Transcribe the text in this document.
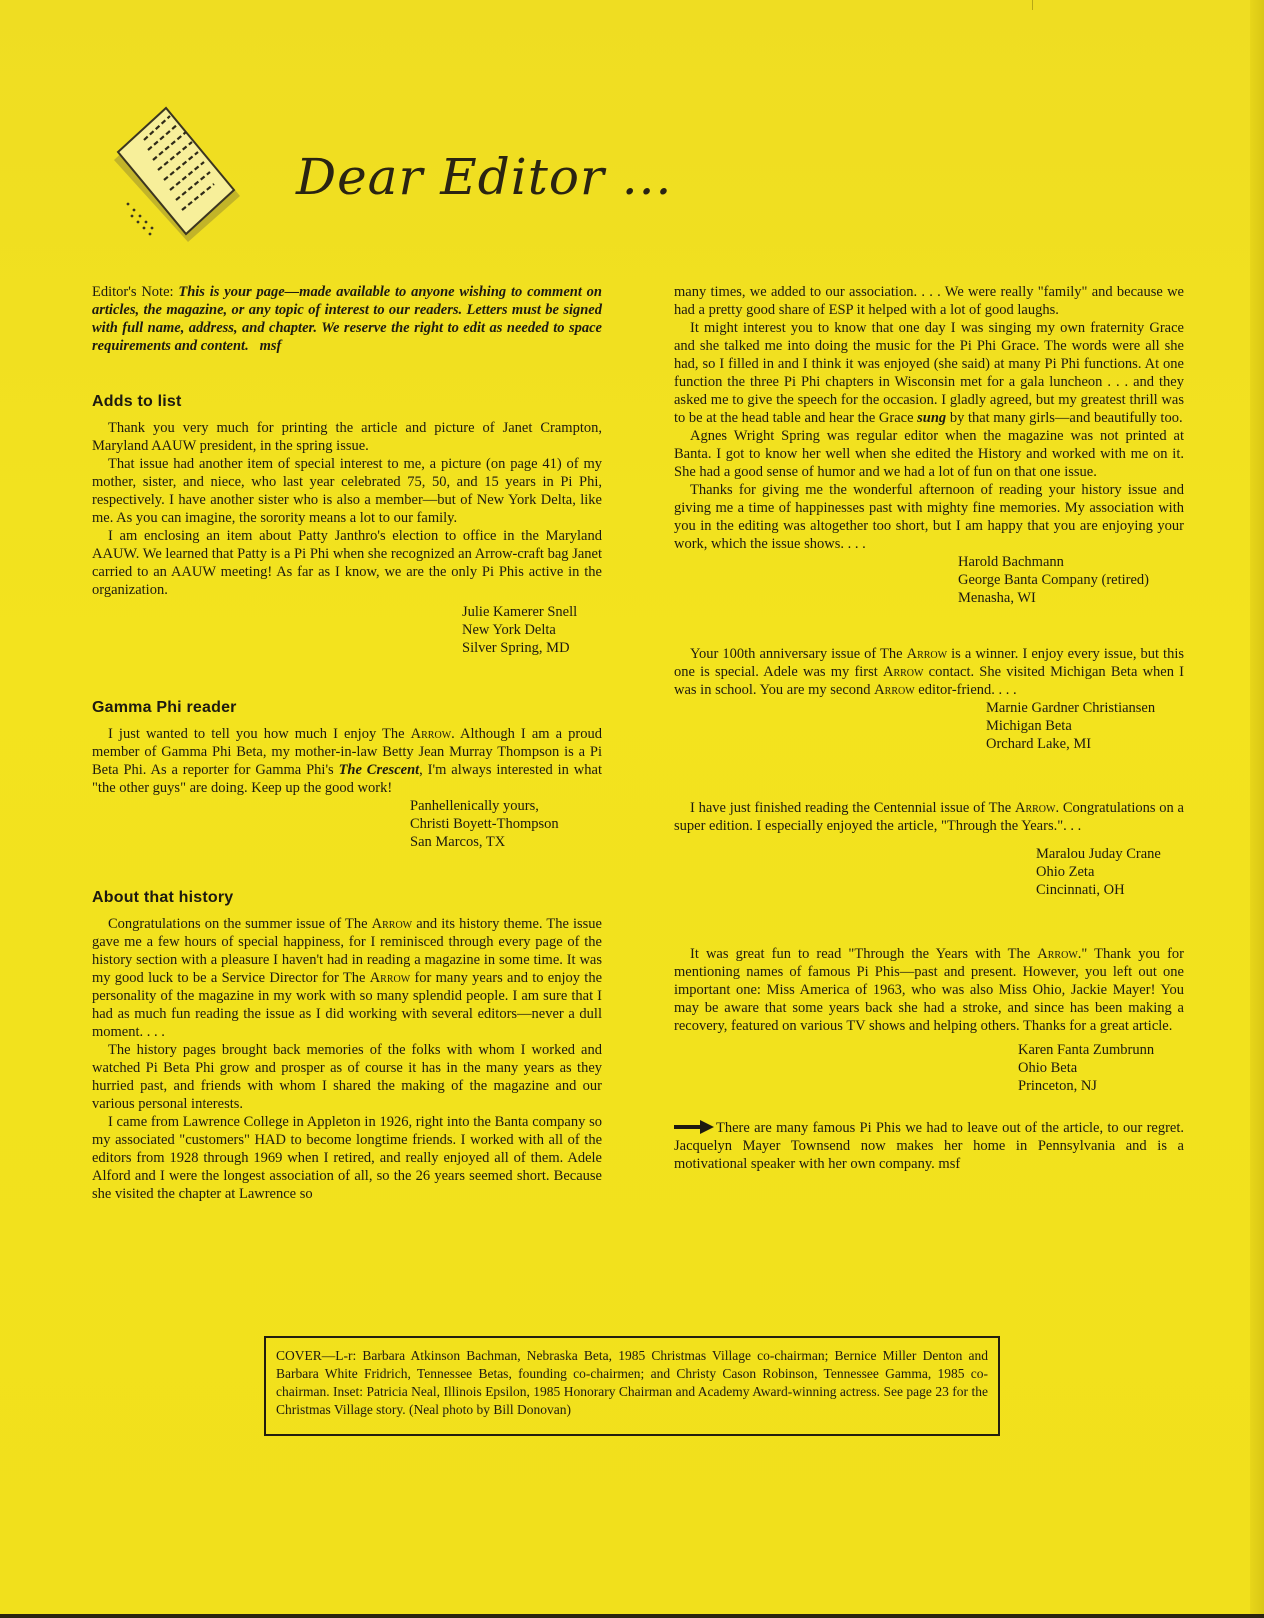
Dear Editor ...

Editor's Note: This is your page—made available to anyone wishing to comment on articles, the magazine, or any topic of interest to our readers. Letters must be signed with full name, address, and chapter. We reserve the right to edit as needed to space requirements and content. msf

Adds to list

Thank you very much for printing the article and picture of Janet Crampton, Maryland AAUW president, in the spring issue.

That issue had another item of special interest to me, a picture (on page 41) of my mother, sister, and niece, who last year celebrated 75, 50, and 15 years in Pi Phi, respectively. I have another sister who is also a member—but of New York Delta, like me. As you can imagine, the sorority means a lot to our family.

I am enclosing an item about Patty Janthro's election to office in the Maryland AAUW. We learned that Patty is a Pi Phi when she recognized an Arrow-craft bag Janet carried to an AAUW meeting! As far as I know, we are the only Pi Phis active in the organization.

Julie Kamerer Snell

New York Delta

Silver Spring, MD

Gamma Phi reader

I just wanted to tell you how much I enjoy The Arrow. Although I am a proud member of Gamma Phi Beta, my mother-in-law Betty Jean Murray Thompson is a Pi Beta Phi. As a reporter for Gamma Phi's The Crescent, I'm always interested in what "the other guys" are doing. Keep up the good work!

Panhellenically yours,

Christi Boyett-Thompson

San Marcos, TX

About that history

Congratulations on the summer issue of The Arrow and its history theme. The issue gave me a few hours of special happiness, for I reminisced through every page of the history section with a pleasure I haven't had in reading a magazine in some time. It was my good luck to be a Service Director for The Arrow for many years and to enjoy the personality of the magazine in my work with so many splendid people. I am sure that I had as much fun reading the issue as I did working with several editors—never a dull moment. . . .

The history pages brought back memories of the folks with whom I worked and watched Pi Beta Phi grow and prosper as of course it has in the many years as they hurried past, and friends with whom I shared the making of the magazine and our various personal interests.

I came from Lawrence College in Appleton in 1926, right into the Banta company so my associated "customers" HAD to become longtime friends. I worked with all of the editors from 1928 through 1969 when I retired, and really enjoyed all of them. Adele Alford and I were the longest association of all, so the 26 years seemed short. Because she visited the chapter at Lawrence so

many times, we added to our association. . . . We were really "family" and because we had a pretty good share of ESP it helped with a lot of good laughs.

It might interest you to know that one day I was singing my own fraternity Grace and she talked me into doing the music for the Pi Phi Grace. The words were all she had, so I filled in and I think it was enjoyed (she said) at many Pi Phi functions. At one function the three Pi Phi chapters in Wisconsin met for a gala luncheon . . . and they asked me to give the speech for the occasion. I gladly agreed, but my greatest thrill was to be at the head table and hear the Grace sung by that many girls—and beautifully too.

Agnes Wright Spring was regular editor when the magazine was not printed at Banta. I got to know her well when she edited the History and worked with me on it. She had a good sense of humor and we had a lot of fun on that one issue.

Thanks for giving me the wonderful afternoon of reading your history issue and giving me a time of happinesses past with mighty fine memories. My association with you in the editing was altogether too short, but I am happy that you are enjoying your work, which the issue shows. . . .

Harold Bachmann

George Banta Company (retired)

Menasha, WI

Your 100th anniversary issue of The Arrow is a winner. I enjoy every issue, but this one is special. Adele was my first Arrow contact. She visited Michigan Beta when I was in school. You are my second Arrow editor-friend. . . .

Marnie Gardner Christiansen

Michigan Beta

Orchard Lake, MI

I have just finished reading the Centennial issue of The Arrow. Congratulations on a super edition. I especially enjoyed the article, "Through the Years.". . .

Maralou Juday Crane

Ohio Zeta

Cincinnati, OH

It was great fun to read "Through the Years with The Arrow." Thank you for mentioning names of famous Pi Phis—past and present. However, you left out one important one: Miss America of 1963, who was also Miss Ohio, Jackie Mayer! You may be aware that some years back she had a stroke, and since has been making a recovery, featured on various TV shows and helping others. Thanks for a great article.

Karen Fanta Zumbrunn

Ohio Beta

Princeton, NJ

There are many famous Pi Phis we had to leave out of the article, to our regret. Jacquelyn Mayer Townsend now makes her home in Pennsylvania and is a motivational speaker with her own company. msf

COVER—L-r: Barbara Atkinson Bachman, Nebraska Beta, 1985 Christmas Village co-chairman; Bernice Miller Denton and Barbara White Fridrich, Tennessee Betas, founding co-chairmen; and Christy Cason Robinson, Tennessee Gamma, 1985 co-chairman. Inset: Patricia Neal, Illinois Epsilon, 1985 Honorary Chairman and Academy Award-winning actress. See page 23 for the Christmas Village story. (Neal photo by Bill Donovan)
